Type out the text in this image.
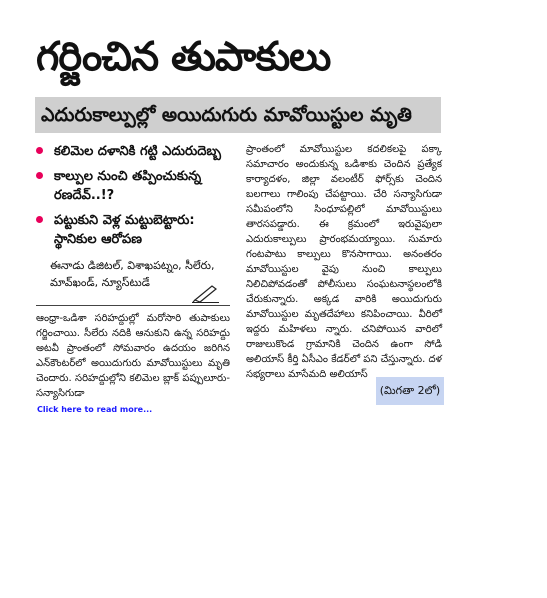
గర్జించిన తుపాకులు
ఎదురుకాల్పుల్లో అయిదుగురు మావోయిస్టుల మృతి
కలిమెల దళానికి గట్టి ఎదురుదెబ్బ
కాల్పుల నుంచి తప్పించుకున్న రణదేవ్..!?
పట్టుకుని వెళ్ల మట్టుబెట్టారు: స్థానికుల ఆరోపణ
ఈనాడు డిజిటల్, విశాఖపట్నం, సీలేరు, మావ్‌ఖండ్, న్యూస్‌టుడే
ఆంధ్రా-ఒడిశా సరిహద్దుల్లో మరోసారి తుపాకులు గర్జించాయి. సీలేరు నదికి ఆనుకుని ఉన్న సరిహద్దు అటవీ ప్రాంతంలో సోమవారం ఉదయం జరిగిన ఎన్‌కౌంటర్‌లో అయిదుగురు మావోయిస్టులు మృతి చెందారు. సరిహద్దుల్లోని కలిమెల బ్లాక్ పప్పులూరు-సన్యాసిగుడా
ప్రాంతంలో మావోయిస్టుల కదలికలపై పక్కా సమాచారం అందుకున్న ఒడిశాకు చెందిన ప్రత్యేక కార్యాదళం, జిల్లా వలంటీర్ ఫోర్స్‌కు చెందిన బలగాలు గాలింపు చేపట్టాయి. చేరి సన్యాసిగుడా సమీపంలోని సింధూపల్లిలో మావోయిస్టులు తారసపడ్డారు. ఈ క్రమంలో ఇరువైపులా ఎదురుకాల్పులు ప్రారంభమయ్యాయి. సుమారు గంటపాటు కాల్పులు కొనసాగాయి. అనంతరం మావోయిస్టుల వైపు నుంచి కాల్పులు నిలిచిపోవడంతో పోలీసులు సంఘటనాస్థలంలోకి చేరుకున్నారు. అక్కడ వారికి అయిదుగురు మావోయిస్టుల మృతదేహాలు కనిపించాయి. వీరిలో ఇద్దరు మహిళలు న్నారు. చనిపోయిన వారిలో రాజులుకొండ గ్రామానికి చెందిన ఉంగా సోడి అలియాస్ కీర్తి ఏసీఎం కేడర్‌లో పని చేస్తున్నారు. దళ సభ్యరాలు మాసేమది అలియాస్
(మిగతా 2లో)
Click here to read more...
